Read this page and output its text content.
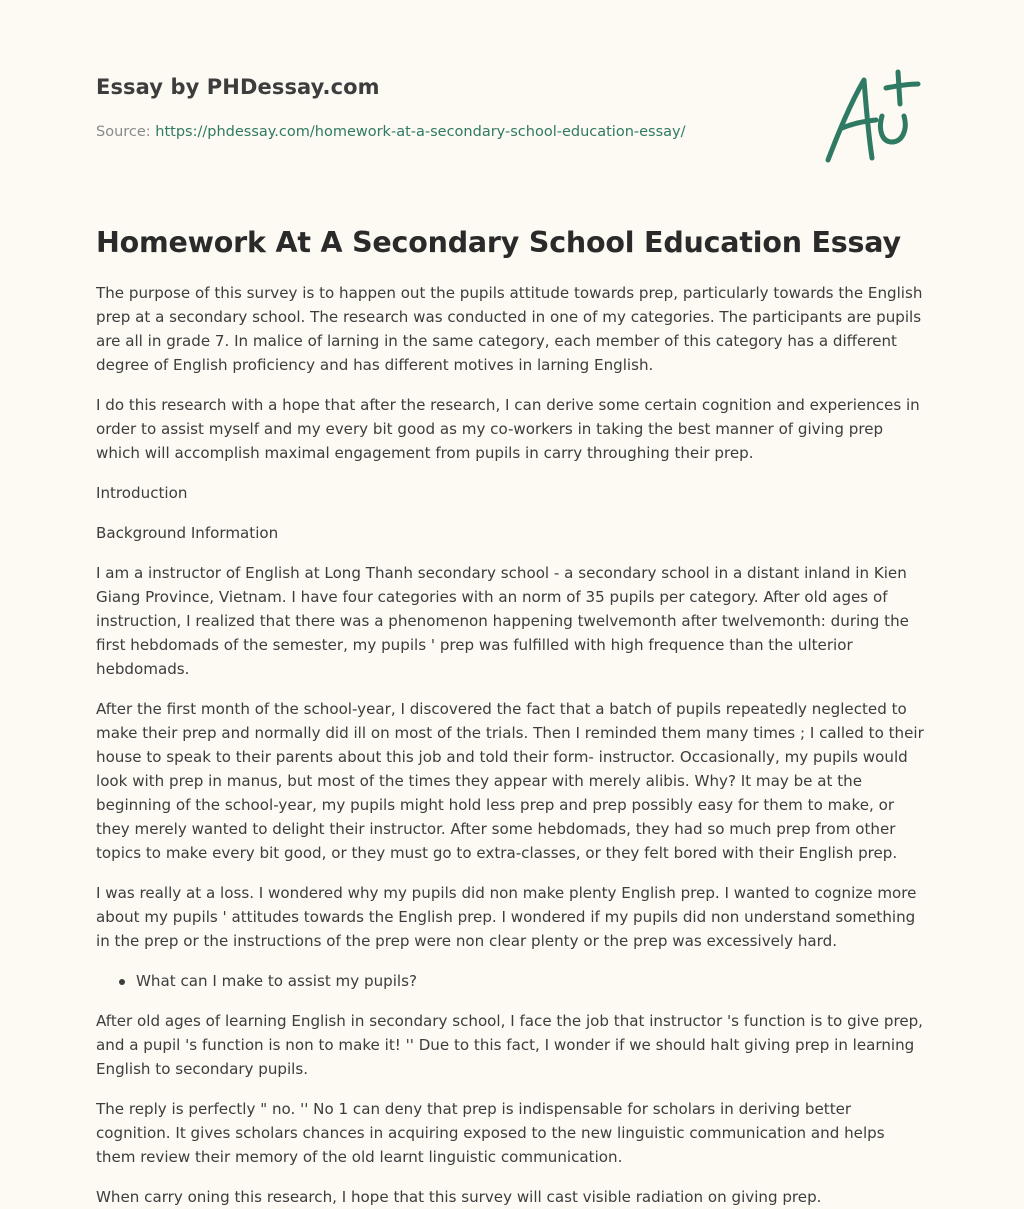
Essay by PHDessay.com
Source: https://phdessay.com/homework-at-a-secondary-school-education-essay/
Homework At A Secondary School Education Essay

The purpose of this survey is to happen out the pupils attitude towards prep, particularly towards the English prep at a secondary school. The research was conducted in one of my categories. The participants are pupils are all in grade 7. In malice of larning in the same category, each member of this category has a different degree of English proficiency and has different motives in larning English.

I do this research with a hope that after the research, I can derive some certain cognition and experiences in order to assist myself and my every bit good as my co-workers in taking the best manner of giving prep which will accomplish maximal engagement from pupils in carry throughing their prep.

Introduction

Background Information

I am a instructor of English at Long Thanh secondary school - a secondary school in a distant inland in Kien Giang Province, Vietnam. I have four categories with an norm of 35 pupils per category. After old ages of instruction, I realized that there was a phenomenon happening twelvemonth after twelvemonth: during the first hebdomads of the semester, my pupils ' prep was fulfilled with high frequence than the ulterior hebdomads.

After the first month of the school-year, I discovered the fact that a batch of pupils repeatedly neglected to make their prep and normally did ill on most of the trials. Then I reminded them many times ; I called to their house to speak to their parents about this job and told their form- instructor. Occasionally, my pupils would look with prep in manus, but most of the times they appear with merely alibis. Why? It may be at the beginning of the school-year, my pupils might hold less prep and prep possibly easy for them to make, or they merely wanted to delight their instructor. After some hebdomads, they had so much prep from other topics to make every bit good, or they must go to extra-classes, or they felt bored with their English prep.

I was really at a loss. I wondered why my pupils did non make plenty English prep. I wanted to cognize more about my pupils ' attitudes towards the English prep. I wondered if my pupils did non understand something in the prep or the instructions of the prep were non clear plenty or the prep was excessively hard.

What can I make to assist my pupils?

After old ages of learning English in secondary school, I face the job that instructor 's function is to give prep, and a pupil 's function is non to make it! '' Due to this fact, I wonder if we should halt giving prep in learning English to secondary pupils.

The reply is perfectly " no. '' No 1 can deny that prep is indispensable for scholars in deriving better cognition. It gives scholars chances in acquiring exposed to the new linguistic communication and helps them review their memory of the old learnt linguistic communication.

When carry oning this research, I hope that this survey will cast visible radiation on giving prep.
